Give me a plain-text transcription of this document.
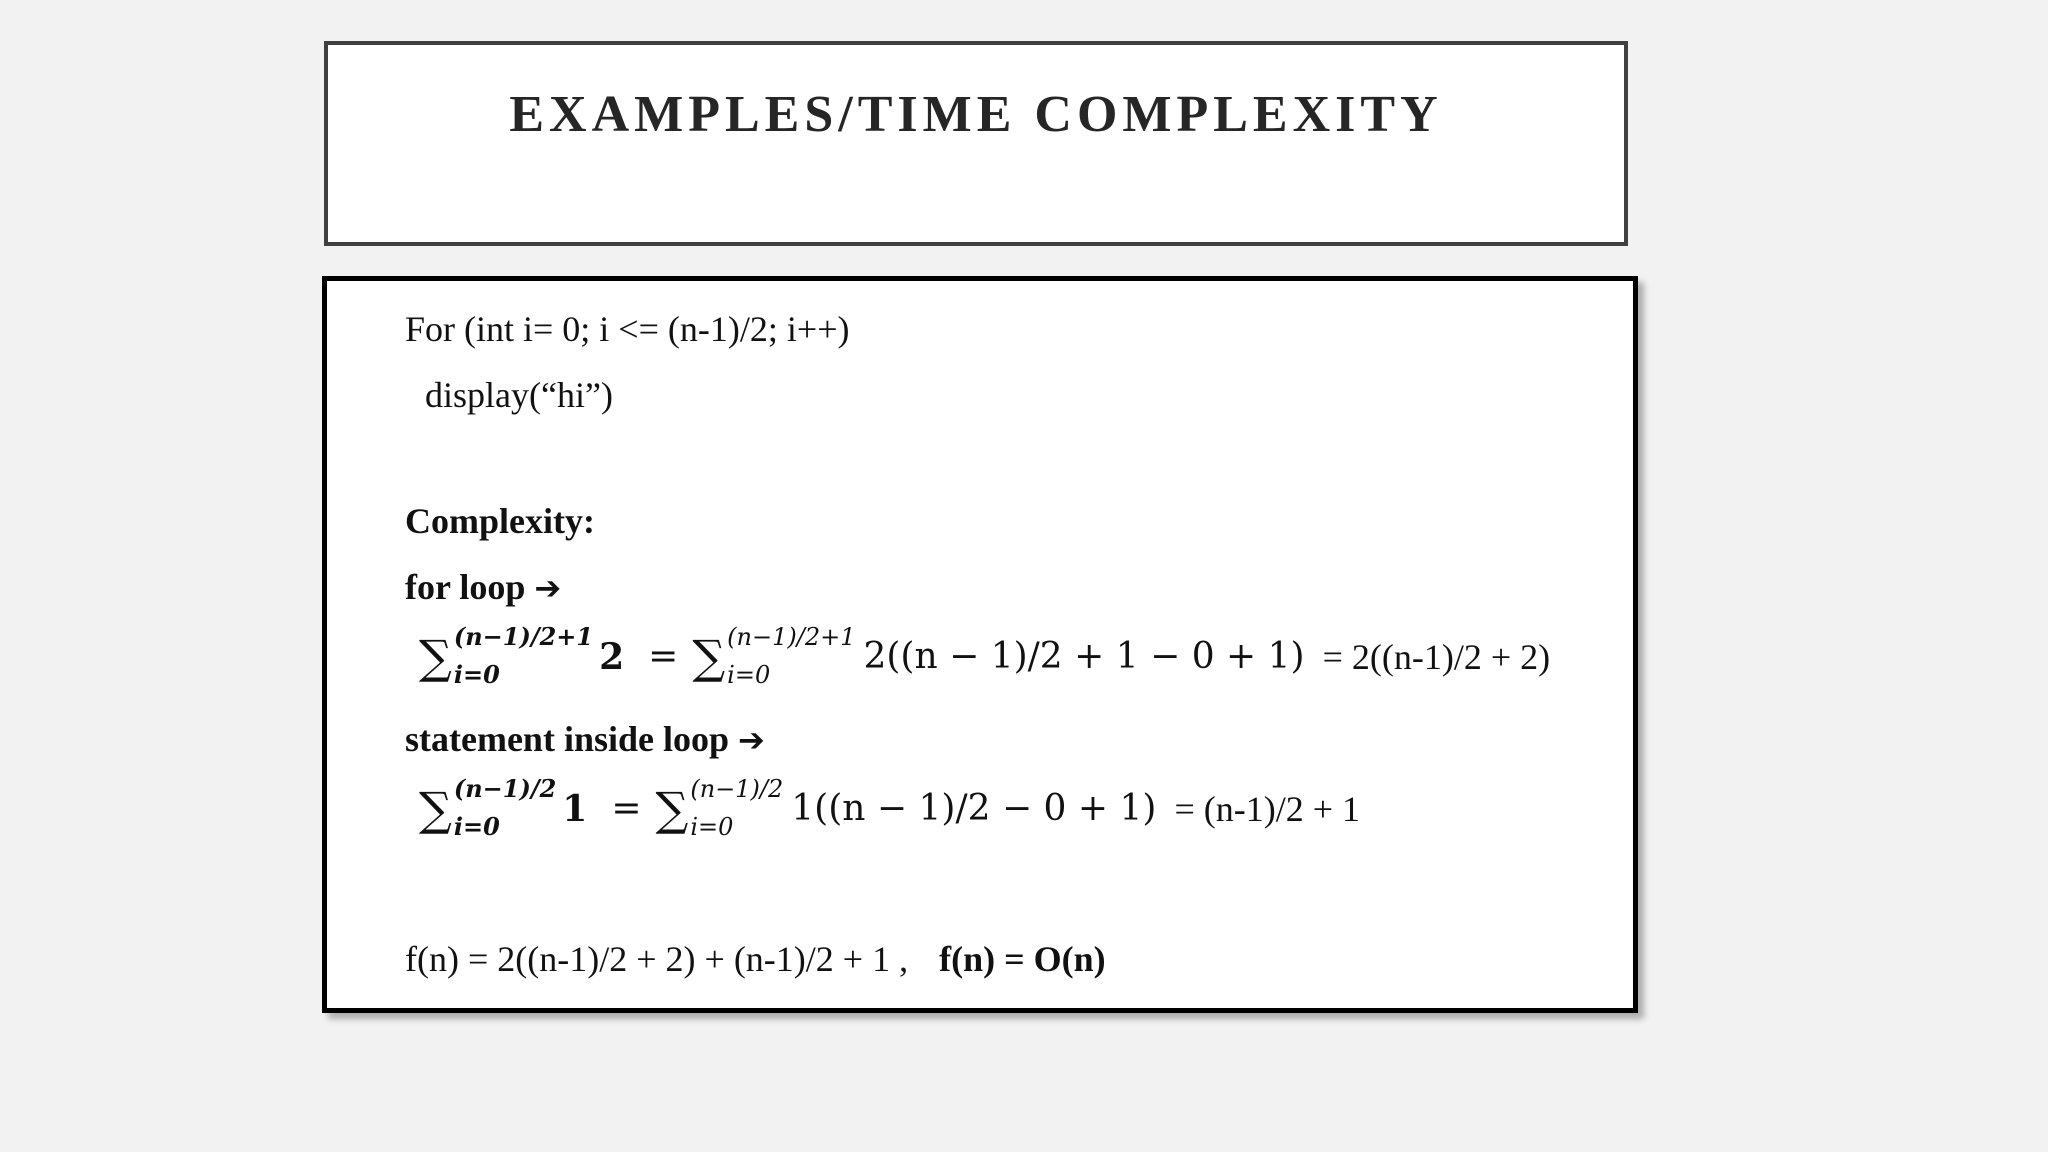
EXAMPLES/TIME COMPLEXITY
For (int i= 0; i <= (n-1)/2; i++)
display(“hi”)
Complexity:
for loop ➔
∑ (n−1)/2+1
i=0	2 = ∑ (n−1)/2+1
i=0	2((n − 1)/2 + 1 − 0 + 1) = 2((n-1)/2 + 2)
statement inside loop ➔
∑ (n−1)/2
i=0	1 = ∑ (n−1)/2
i=0	1((n − 1)/2 − 0 + 1) = (n-1)/2 + 1
f(n) = 2((n-1)/2 + 2) + (n-1)/2 + 1 , f(n) = O(n)
